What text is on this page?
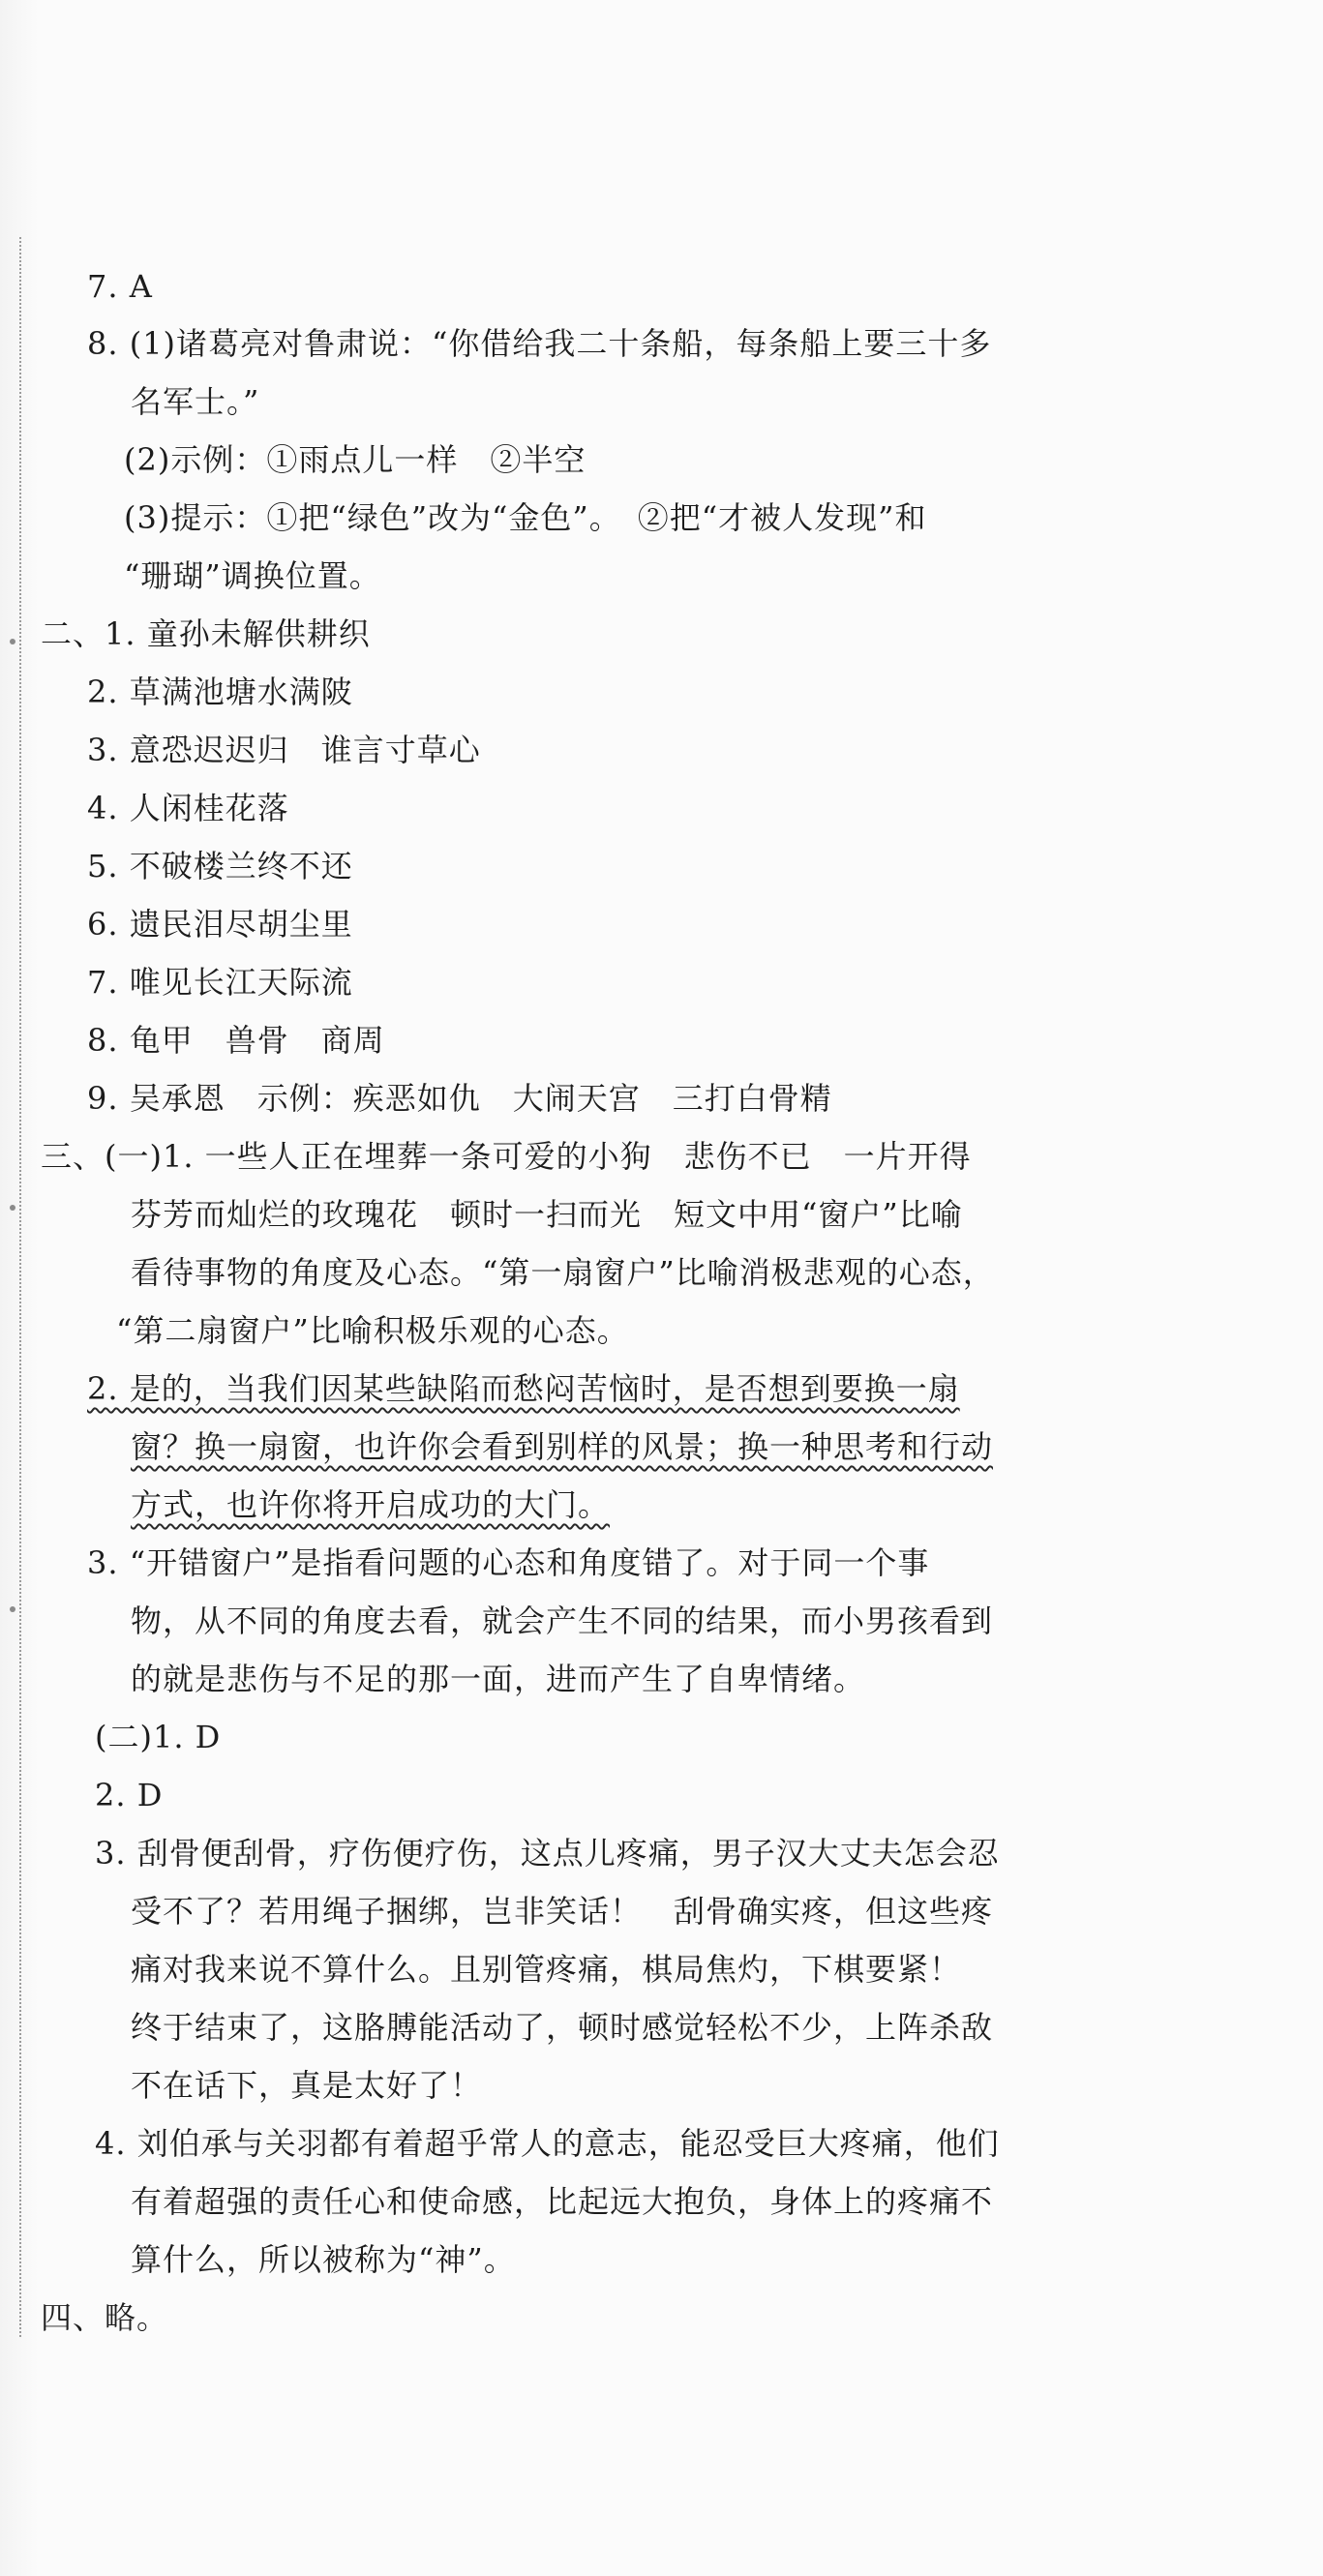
7. A
8. (1)诸葛亮对鲁肃说：“你借给我二十条船，每条船上要三十多
名军士。”
(2)示例：①雨点儿一样　②半空
(3)提示：①把“绿色”改为“金色”。　②把“才被人发现”和
“珊瑚”调换位置。
二、1. 童孙未解供耕织
2. 草满池塘水满陂
3. 意恐迟迟归　谁言寸草心
4. 人闲桂花落
5. 不破楼兰终不还
6. 遗民泪尽胡尘里
7. 唯见长江天际流
8. 龟甲　兽骨　商周
9. 吴承恩　示例：疾恶如仇　大闹天宫　三打白骨精
三、(一)1. 一些人正在埋葬一条可爱的小狗　悲伤不已　一片开得
芬芳而灿烂的玫瑰花　顿时一扫而光　短文中用“窗户”比喻
看待事物的角度及心态。“第一扇窗户”比喻消极悲观的心态，
“第二扇窗户”比喻积极乐观的心态。
2. 是的，当我们因某些缺陷而愁闷苦恼时，是否想到要换一扇
窗？换一扇窗，也许你会看到别样的风景；换一种思考和行动
方式，也许你将开启成功的大门。
3. “开错窗户”是指看问题的心态和角度错了。对于同一个事
物，从不同的角度去看，就会产生不同的结果，而小男孩看到
的就是悲伤与不足的那一面，进而产生了自卑情绪。
(二)1. D
2. D
3. 刮骨便刮骨，疗伤便疗伤，这点儿疼痛，男子汉大丈夫怎会忍
受不了？若用绳子捆绑，岂非笑话！　刮骨确实疼，但这些疼
痛对我来说不算什么。且别管疼痛，棋局焦灼，下棋要紧！
终于结束了，这胳膊能活动了，顿时感觉轻松不少，上阵杀敌
不在话下，真是太好了！
4. 刘伯承与关羽都有着超乎常人的意志，能忍受巨大疼痛，他们
有着超强的责任心和使命感，比起远大抱负，身体上的疼痛不
算什么，所以被称为“神”。
四、略。
